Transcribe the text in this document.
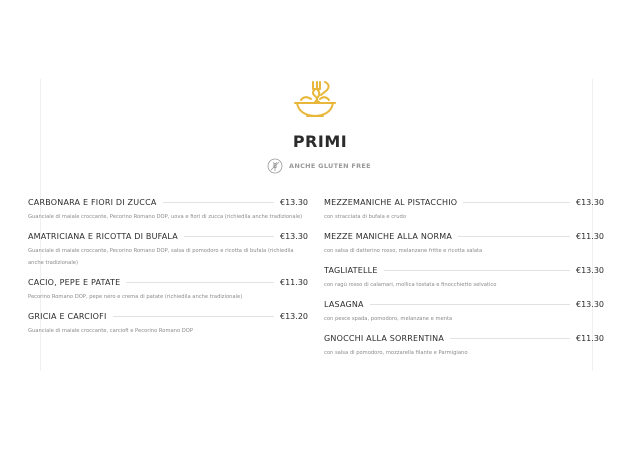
PRIMI
ANCHE GLUTEN FREE
CARBONARA E FIORI DI ZUCCA	€13.30
Guanciale di maiale croccante, Pecorino Romano DOP, uova e fiori di zucca (richiedila anche tradizionale)
AMATRICIANA E RICOTTA DI BUFALA	€13.30
Guanciale di maiale croccante, Pecorino Romano DOP, salsa di pomodoro e ricotta di bufala (richiedila anche tradizionale)
CACIO, PEPE E PATATE	€11.30
Pecorino Romano DOP, pepe nero e crema di patate (richiedila anche tradizionale)
GRICIA E CARCIOFI	€13.20
Guanciale di maiale croccante, carciofi e Pecorino Romano DOP
MEZZEMANICHE AL PISTACCHIO	€13.30
con stracciata di bufala e crudo
MEZZE MANICHE ALLA NORMA	€11.30
con salsa di datterino rosso, melanzane fritte e ricotta salata
TAGLIATELLE	€13.30
con ragù rosso di calamari, mollica tostata e finocchietto selvatico
LASAGNA	€13.30
con pesce spada, pomodoro, melanzane e menta
GNOCCHI ALLA SORRENTINA	€11.30
con salsa di pomodoro, mozzarella filante e Parmigiano
